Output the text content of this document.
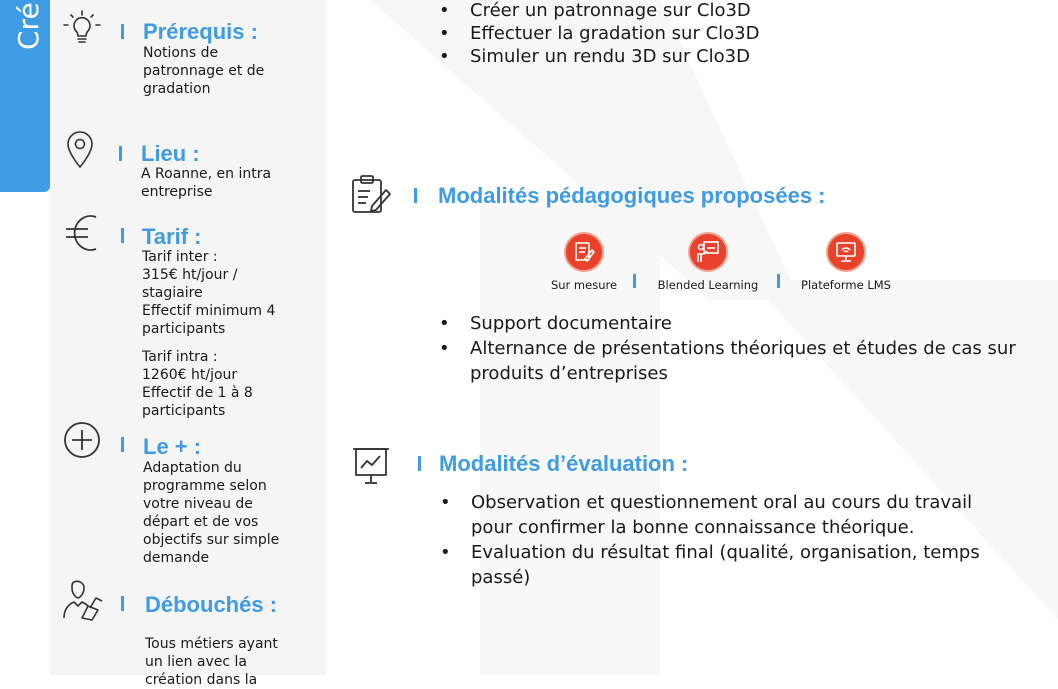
Cré	Prérequis :
Notions de
patronnage et de
gradation
Lieu :
A Roanne, en intra
entreprise
Tarif :
Tarif inter :
315€ ht/jour /
stagiaire
Effectif minimum 4
participants
Tarif intra :
1260€ ht/jour
Effectif de 1 à 8
participants
Le + :
Adaptation du
programme selon
votre niveau de
départ et de vos
objectifs sur simple
demande
Débouchés :
Tous métiers ayant
un lien avec la
création dans la
• Créer un patronnage sur Clo3D
• Effectuer la gradation sur Clo3D
• Simuler un rendu 3D sur Clo3D
Modalités pédagogiques proposées :
Sur mesure	Blended Learning	Plateforme LMS
• Support documentaire
• Alternance de présentations théoriques et études de cas sur produits d’entreprises
Modalités d’évaluation :
• Observation et questionnement oral au cours du travail pour confirmer la bonne connaissance théorique.
• Evaluation du résultat final (qualité, organisation, temps passé)
